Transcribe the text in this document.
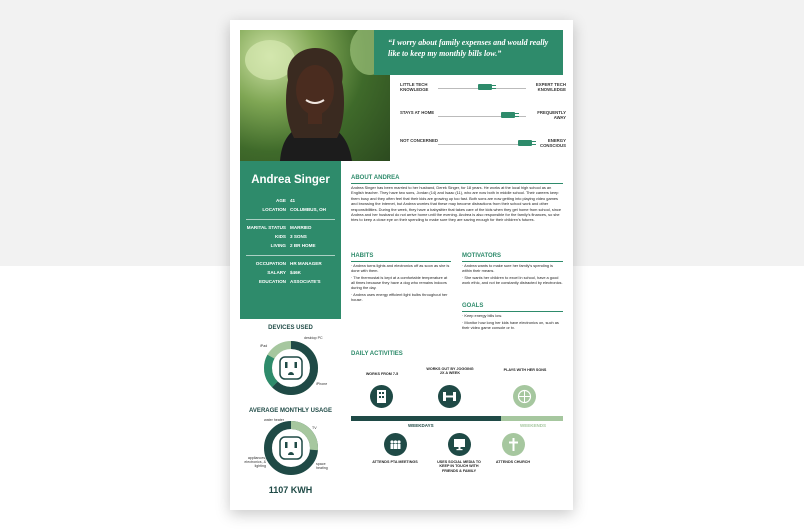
“I worry about family expenses and would really like to keep my monthly bills low.”
LITTLE TECH KNOWLEDGE
EXPERT TECH KNOWLEDGE
STAYS AT HOME	FREQUENTLY AWAY
NOT CONCERNED	ENERGY CONSCIOUS
Andrea Singer
AGE 41
LOCATION COLUMBUS, OH
MARITAL STATUS MARRIED
KIDS 3 SONS
LIVING 2 BR HOME
OCCUPATION HR MANAGER
SALARY $46K
EDUCATION ASSOCIATE'S
ABOUT ANDREA
Andrea Singer has been married to her husband, Derek Singer, for 18 years. He works at the local high school as an English teacher. They have two sons, Jordan (14) and Isaac (11), who are now both in middle school. Their careers keep them busy and they often feel that their kids are growing up too fast. Both sons are now getting into playing video games and browsing the internet, but Andrea worries that these may become distractions from their school work and other responsibilities. During the week, they have a babysitter that takes care of the kids when they get home from school, since Andrea and her husband do not arrive home until the evening. Andrea is also responsible for the family's finances, so she tries to keep a close eye on their spending to make sure they are saving enough for their children's futures.
HABITS

· Andrea turns lights and electronics off as soon as she is done with them.

· The thermostat is kept at a comfortable temperature at all times because they have a dog who remains indoors during the day.

· Andrea uses energy efficient light bulbs throughout her house.

MOTIVATORS

· Andrea wants to make sure her family's spending is within their means.

· She wants her children to excel in school, have a good work ethic, and not be constantly distracted by electronics.

GOALS

· Keep energy bills low.

· Monitor how long her kids have electronics on, such as their video game console or tv.

DEVICES USED
iPad
desktop PC
iPhone
AVERAGE MONTHLY USAGE
water heater
TV
appliances, electronics, & lighting	space heating
1107 KWH
DAILY ACTIVITIES
WORKS FROM 7-5
WORKS OUT BY JOGGING 2X A WEEK
PLAYS WITH HER SONS
WEEKDAYS	WEEKENDS
ATTENDS PTA MEETINGS	USES SOCIAL MEDIA TO KEEP IN TOUCH WITH FRIENDS & FAMILY
ATTENDS CHURCH
